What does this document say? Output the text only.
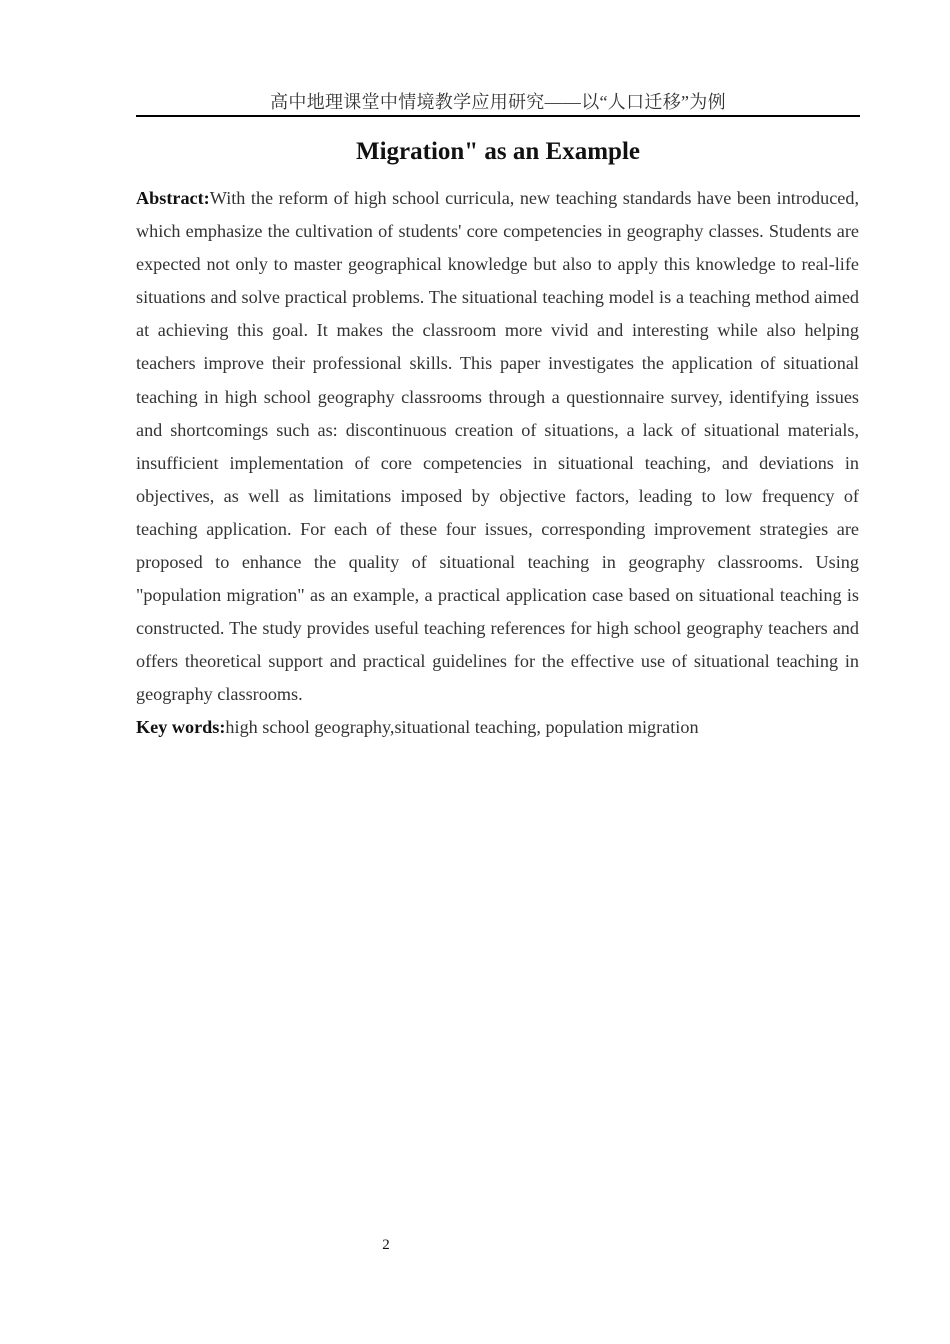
高中地理课堂中情境教学应用研究——以“人口迁移”为例
Migration" as an Example

Abstract:With the reform of high school curricula, new teaching standards have been introduced, which emphasize the cultivation of students' core competencies in geography classes. Students are expected not only to master geographical knowledge but also to apply this knowledge to real-life situations and solve practical problems. The situational teaching model is a teaching method aimed at achieving this goal. It makes the classroom more vivid and interesting while also helping teachers improve their professional skills. This paper investigates the application of situational teaching in high school geography classrooms through a questionnaire survey, identifying issues and shortcomings such as: discontinuous creation of situations, a lack of situational materials, insufficient implementation of core competencies in situational teaching, and deviations in objectives, as well as limitations imposed by objective factors, leading to low frequency of teaching application. For each of these four issues, corresponding improvement strategies are proposed to enhance the quality of situational teaching in geography classrooms. Using "population migration" as an example, a practical application case based on situational teaching is constructed. The study provides useful teaching references for high school geography teachers and offers theoretical support and practical guidelines for the effective use of situational teaching in geography classrooms.

Key words:high school geography,situational teaching, population migration

2
